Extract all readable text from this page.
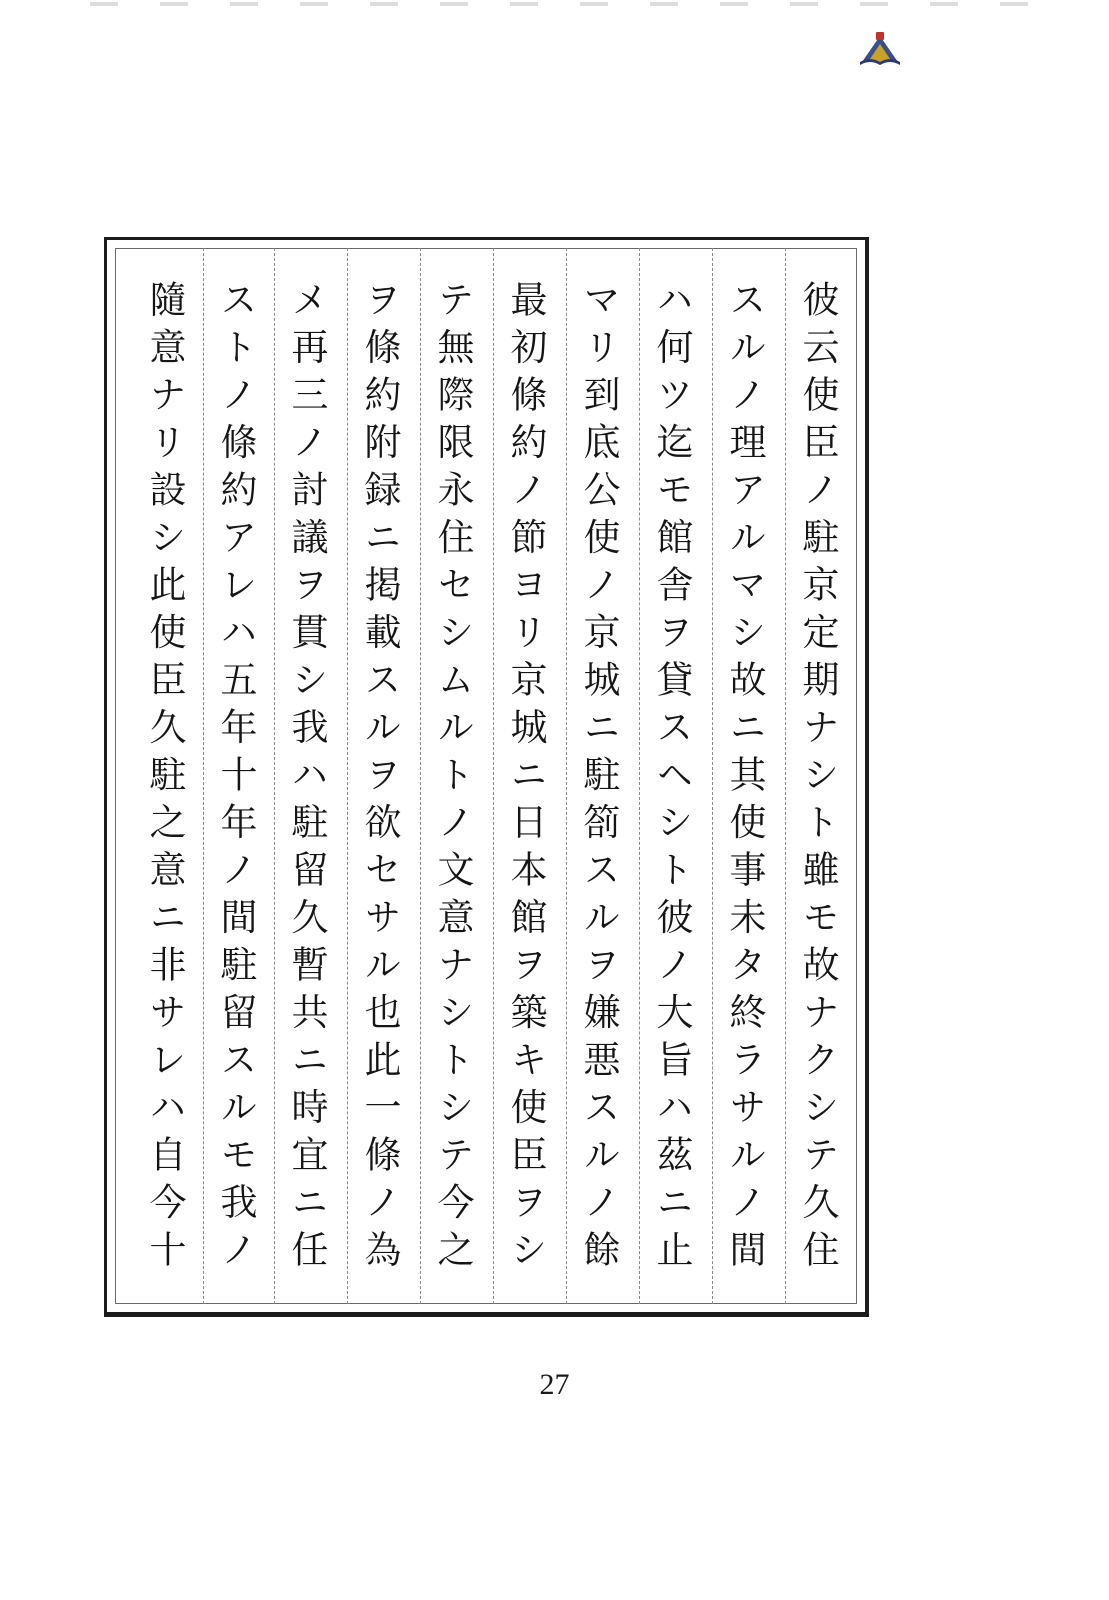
彼云使臣ノ駐京定期ナシト雖モ故ナクシテ久住

スルノ理アルマシ故ニ其使事未タ終ラサルノ間

ハ何ツ迄モ館舎ヲ貸スヘシト彼ノ大旨ハ茲ニ止

マリ到底公使ノ京城ニ駐箚スルヲ嫌悪スルノ餘

最初條約ノ節ヨリ京城ニ日本館ヲ築キ使臣ヲシ

テ無際限永住セシムルトノ文意ナシトシテ今之

ヲ條約附録ニ掲載スルヲ欲セサル也此一條ノ為

メ再三ノ討議ヲ貫シ我ハ駐留久暫共ニ時宜ニ任

ストノ條約アレハ五年十年ノ間駐留スルモ我ノ

隨意ナリ設シ此使臣久駐之意ニ非サレハ自今十

27
